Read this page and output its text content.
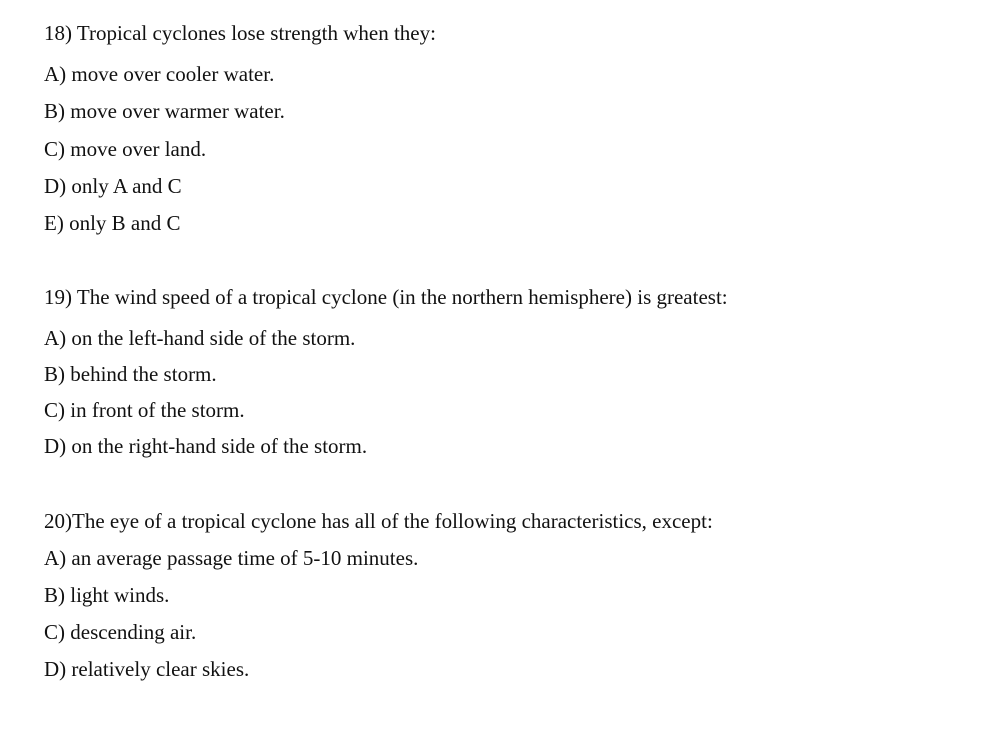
18) Tropical cyclones lose strength when they:
A) move over cooler water.
B) move over warmer water.
C) move over land.
D) only A and C
E) only B and C
19) The wind speed of a tropical cyclone (in the northern hemisphere) is greatest:
A) on the left-hand side of the storm.
B) behind the storm.
C) in front of the storm.
D) on the right-hand side of the storm.
20)The eye of a tropical cyclone has all of the following characteristics, except:
A) an average passage time of 5-10 minutes.
B) light winds.
C) descending air.
D) relatively clear skies.
